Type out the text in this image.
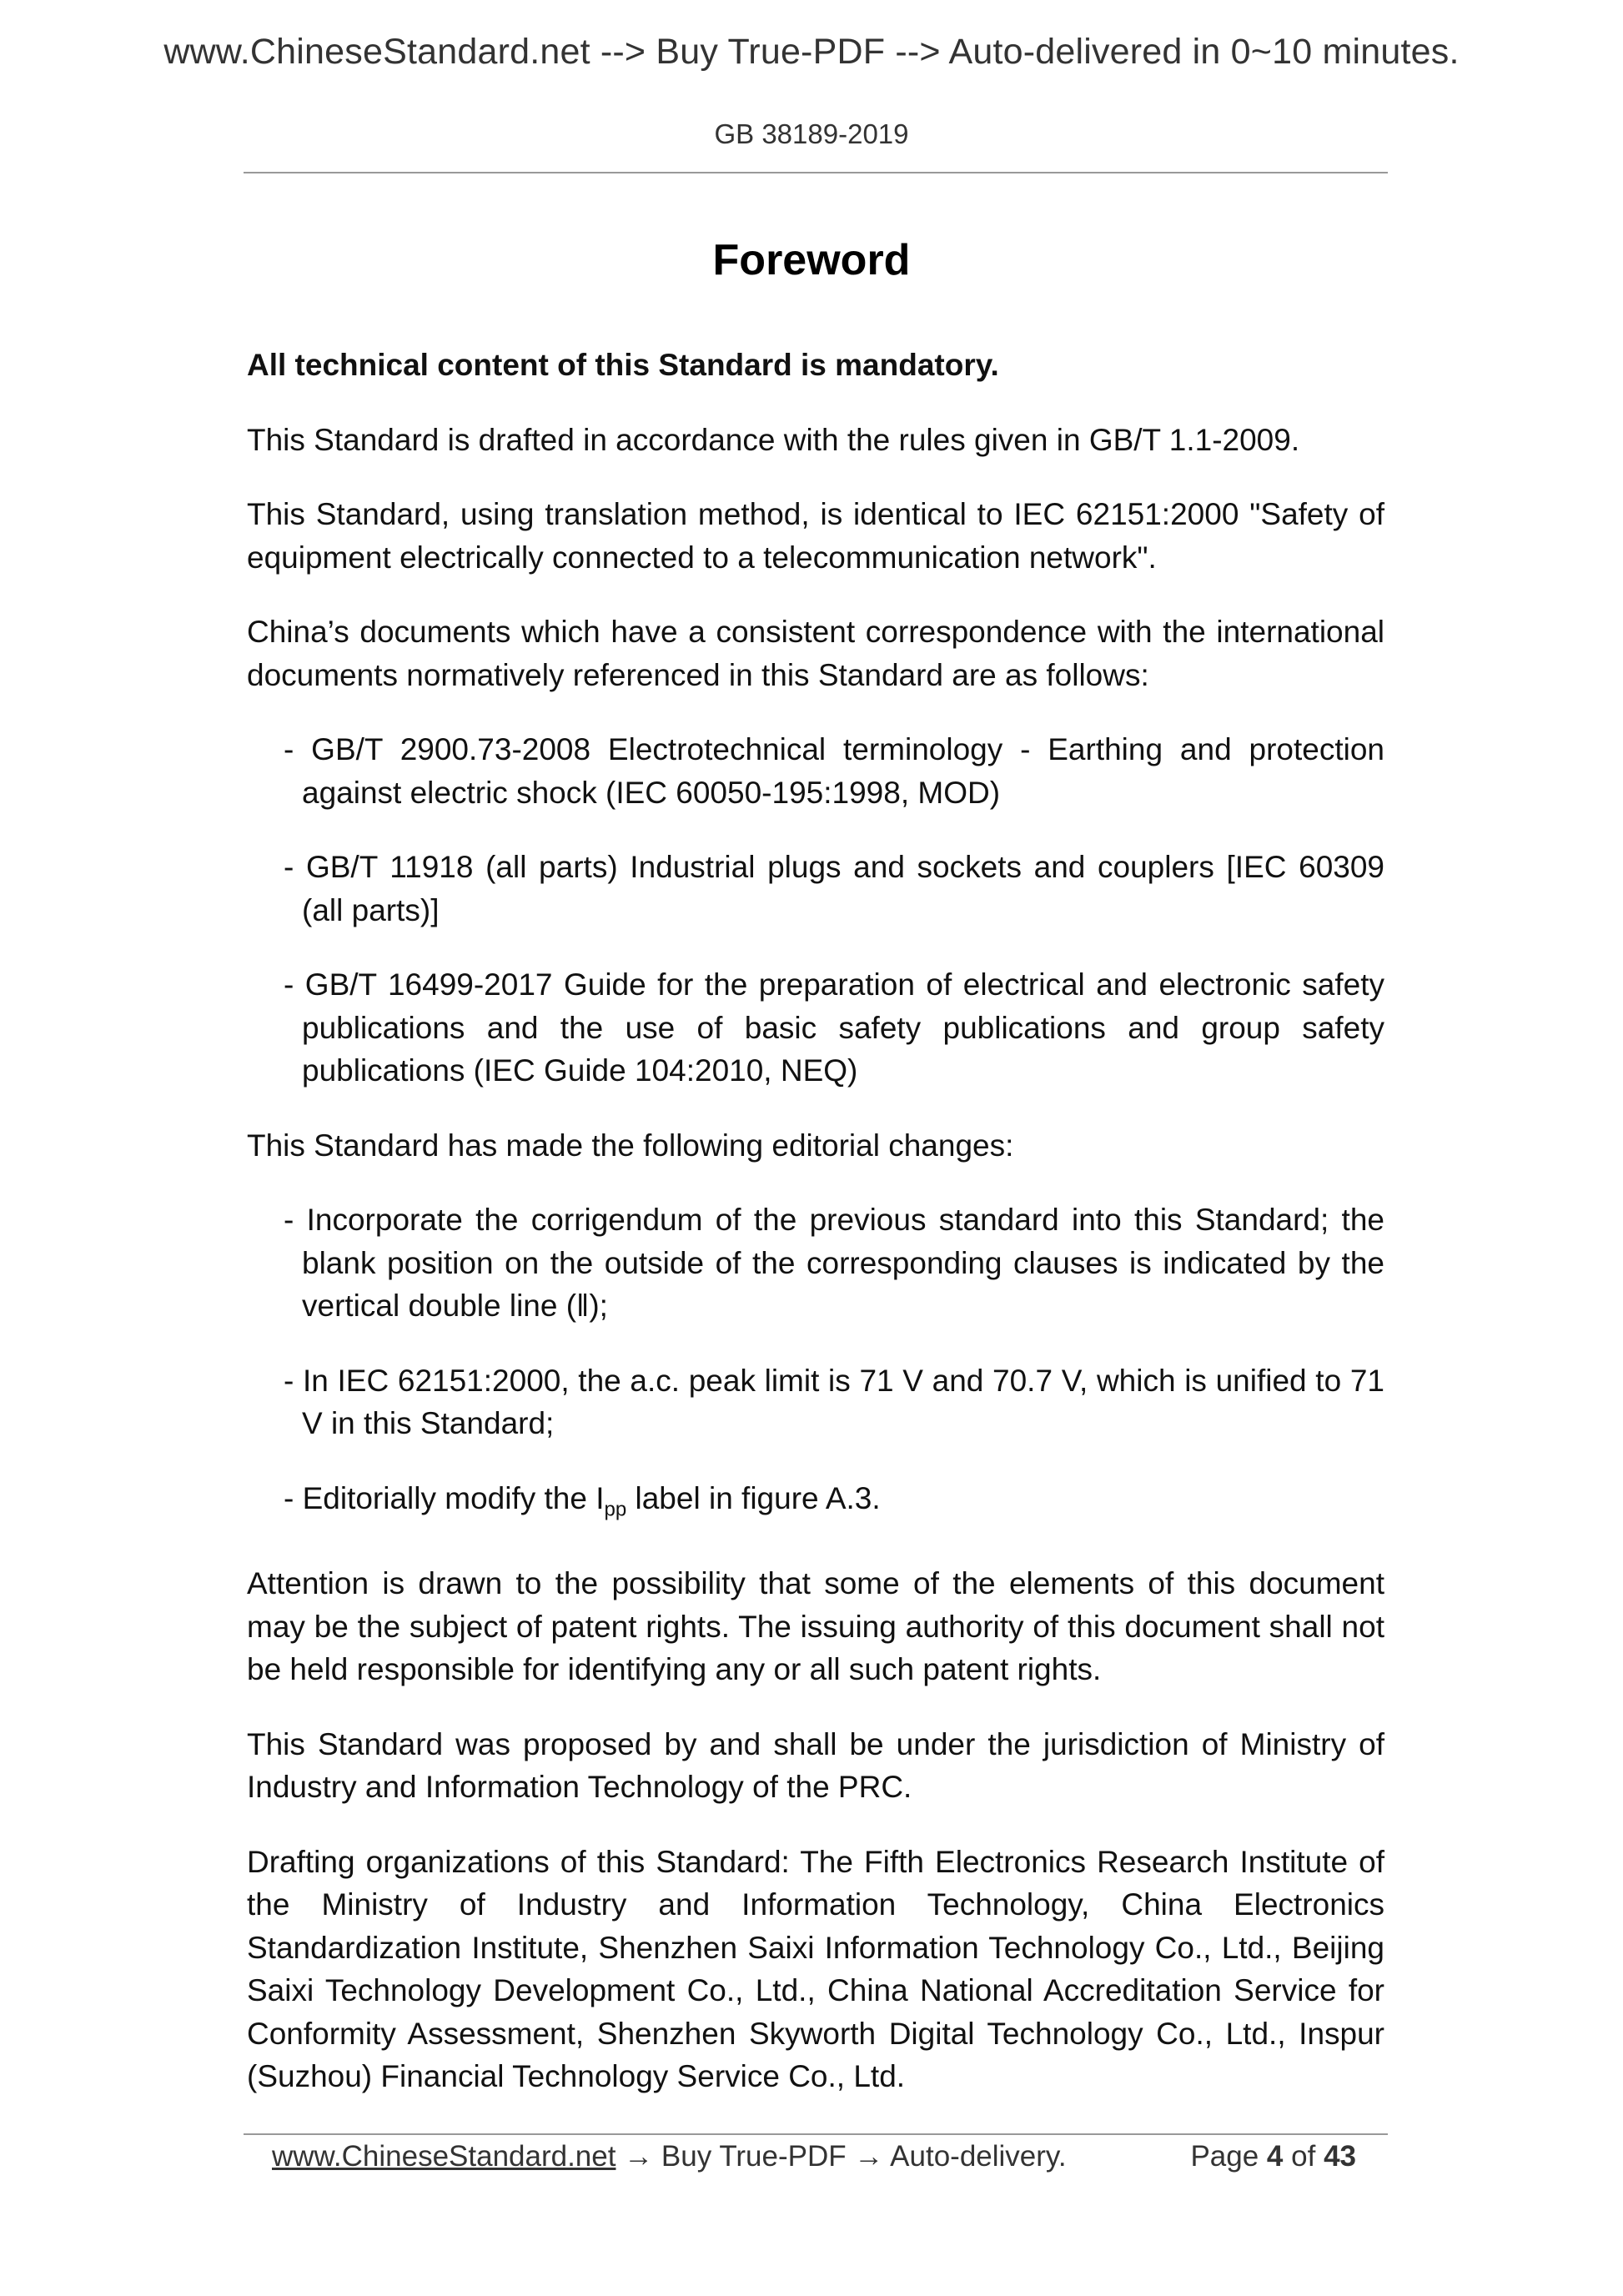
www.ChineseStandard.net --> Buy True-PDF --> Auto-delivered in 0~10 minutes.
GB 38189-2019
Foreword

All technical content of this Standard is mandatory.

This Standard is drafted in accordance with the rules given in GB/T 1.1-2009.

This Standard, using translation method, is identical to IEC 62151:2000 "Safety of equipment electrically connected to a telecommunication network".

China’s documents which have a consistent correspondence with the international documents normatively referenced in this Standard are as follows:

- GB/T 2900.73-2008 Electrotechnical terminology - Earthing and protection against electric shock (IEC 60050-195:1998, MOD)
- GB/T 11918 (all parts) Industrial plugs and sockets and couplers [IEC 60309 (all parts)]
- GB/T 16499-2017 Guide for the preparation of electrical and electronic safety publications and the use of basic safety publications and group safety publications (IEC Guide 104:2010, NEQ)

This Standard has made the following editorial changes:

- Incorporate the corrigendum of the previous standard into this Standard; the blank position on the outside of the corresponding clauses is indicated by the vertical double line (‖);
- In IEC 62151:2000, the a.c. peak limit is 71 V and 70.7 V, which is unified to 71 V in this Standard;
- Editorially modify the $I_{pp}$ label in figure A.3.

Attention is drawn to the possibility that some of the elements of this document may be the subject of patent rights. The issuing authority of this document shall not be held responsible for identifying any or all such patent rights.

This Standard was proposed by and shall be under the jurisdiction of Ministry of Industry and Information Technology of the PRC.

Drafting organizations of this Standard: The Fifth Electronics Research Institute of the Ministry of Industry and Information Technology, China Electronics Standardization Institute, Shenzhen Saixi Information Technology Co., Ltd., Beijing Saixi Technology Development Co., Ltd., China National Accreditation Service for Conformity Assessment, Shenzhen Skyworth Digital Technology Co., Ltd., Inspur (Suzhou) Financial Technology Service Co., Ltd.

www.ChineseStandard.net → Buy True-PDF → Auto-delivery.	Page 4 of 43
